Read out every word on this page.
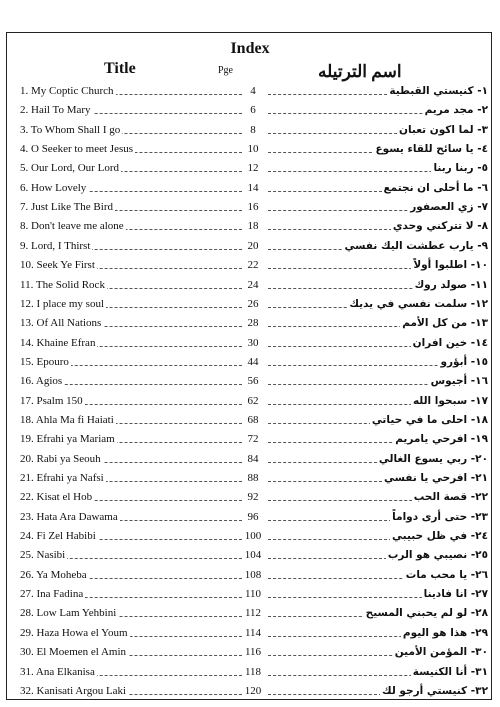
Index
Title	Pge	اسم الترتيله
1. My Coptic Church	4	١- كنيستي القبطية
2. Hail To Mary	6	٢- مجد مريم
3. To Whom Shall I go	8	٣- لما اكون تعبان
4. O Seeker to meet Jesus	10	٤- يا سائح للقاء يسوع
5. Our Lord, Our Lord	12	٥- ربنا ربنا
6. How Lovely	14	٦- ما أحلى ان نجتمع
7. Just Like The Bird	16	٧- زي العصفور
8. Don't leave me alone	18	٨- لا تتركني وحدي
9. Lord, I Thirst	20	٩- يارب عطشت اليك نفسي
10. Seek Ye First	22	١٠- اطلبوا أولاً
11. The Solid Rock	24	١١- صولد روك
12. I place my soul	26	١٢- سلمت نفسي في يديك
13. Of All Nations	28	١٣- من كل الأمم
14. Khaine Efran	30	١٤- خين افران
15. Epouro	44	١٥- أبؤرو
16. Agios	56	١٦- أجيوس
17. Psalm 150	62	١٧- سبحوا الله
18. Ahla Ma fi Haiati	68	١٨- احلى ما في حياتي
19. Efrahi ya Mariam	72	١٩- افرحي يامريم
20. Rabi ya Seouh	84	٢٠- ربي يسوع الغالي
21. Efrahi ya Nafsi	88	٢١- افرحي يا نفسي
22. Kisat el Hob	92	٢٢- قصة الحب
23. Hata Ara Dawama	96	٢٣- حتى أرى دواماً
24. Fi Zel Habibi	100	٢٤- في ظل حبيبي
25. Nasibi	104	٢٥- نصيبي هو الرب
26. Ya Moheba	108	٢٦- يا محب مات
27. Ina Fadina	110	٢٧- انا فادينا
28. Low Lam Yehbini	112	٢٨- لو لم يحبني المسيح
29. Haza Howa el Youm	114	٢٩- هذا هو اليوم
30. El Moemen el Amin	116	٣٠- المؤمن الأمين
31. Ana Elkanisa	118	٣١- أنا الكنيسة
32. Kanisati Argou Laki	120	٣٢- كنيستي أرجو لك
